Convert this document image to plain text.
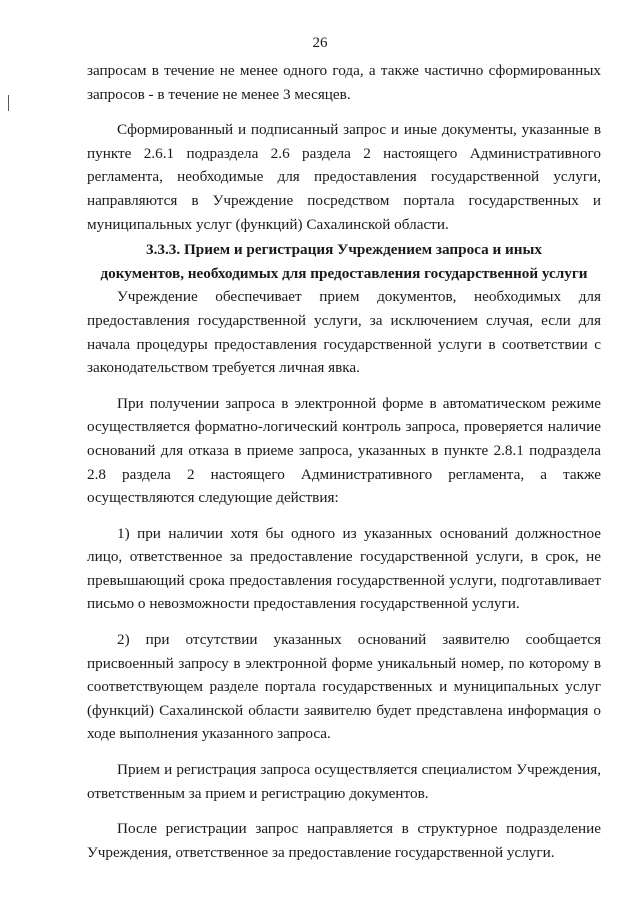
26

запросам в течение не менее одного года, а также частично сформированных запросов - в течение не менее 3 месяцев.

Сформированный и подписанный запрос и иные документы, указанные в пункте 2.6.1 подраздела 2.6 раздела 2 настоящего Административного регламента, необходимые для предоставления государственной услуги, направляются в Учреждение посредством портала государственных и муниципальных услуг (функций) Сахалинской области.

3.3.3. Прием и регистрация Учреждением запроса и иных

документов, необходимых для предоставления государственной услуги

Учреждение обеспечивает прием документов, необходимых для предоставления государственной услуги, за исключением случая, если для начала процедуры предоставления государственной услуги в соответствии с законодательством требуется личная явка.

При получении запроса в электронной форме в автоматическом режиме осуществляется форматно-логический контроль запроса, проверяется наличие оснований для отказа в приеме запроса, указанных в пункте 2.8.1 подраздела 2.8 раздела 2 настоящего Административного регламента, а также осуществляются следующие действия:

1) при наличии хотя бы одного из указанных оснований должностное лицо, ответственное за предоставление государственной услуги, в срок, не превышающий срока предоставления государственной услуги, подготавливает письмо о невозможности предоставления государственной услуги.

2) при отсутствии указанных оснований заявителю сообщается присвоенный запросу в электронной форме уникальный номер, по которому в соответствующем разделе портала государственных и муниципальных услуг (функций) Сахалинской области заявителю будет представлена информация о ходе выполнения указанного запроса.

Прием и регистрация запроса осуществляется специалистом Учреждения, ответственным за прием и регистрацию документов.

После регистрации запрос направляется в структурное подразделение Учреждения, ответственное за предоставление государственной услуги.
